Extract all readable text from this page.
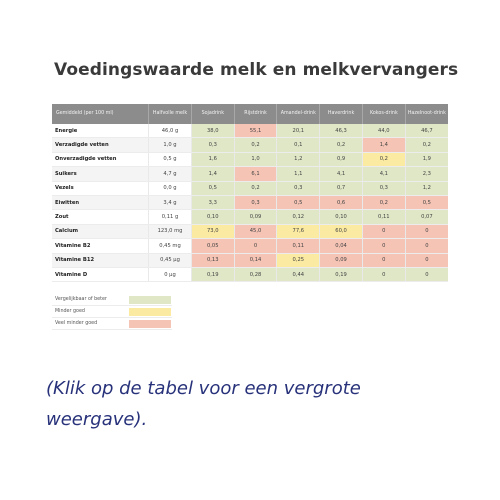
Voedingswaarde melk en melkvervangers
Gemiddeld (per 100 ml)	Halfvolle melk	Sojadrink	Rijstdrink	Amandel-drink	Haverdrink	Kokos-drink	Hazelnoot-drink
Energie	46,0 g	38,0	55,1	20,1	46,3	44,0	46,7
Verzadigde vetten	1,0 g	0,3	0,2	0,1	0,2	1,4	0,2
Onverzadigde vetten	0,5 g	1,6	1,0	1,2	0,9	0,2	1,9
Suikers	4,7 g	1,4	6,1	1,1	4,1	4,1	2,3
Vezels	0,0 g	0,5	0,2	0,3	0,7	0,3	1,2
Eiwitten	3,4 g	3,3	0,3	0,5	0,6	0,2	0,5
Zout	0,11 g	0,10	0,09	0,12	0,10	0,11	0,07
Calcium	123,0 mg	73,0	45,0	77,6	60,0	0	0
Vitamine B2	0,45 mg	0,05	0	0,11	0,04	0	0
Vitamine B12	0,45 µg	0,13	0,14	0,25	0,09	0	0
Vitamine D	0 µg	0,19	0,28	0,44	0,19	0	0
Vergelijkbaar of beter
Minder goed
Veel minder goed
(Klik op de tabel voor een vergrote weergave).
